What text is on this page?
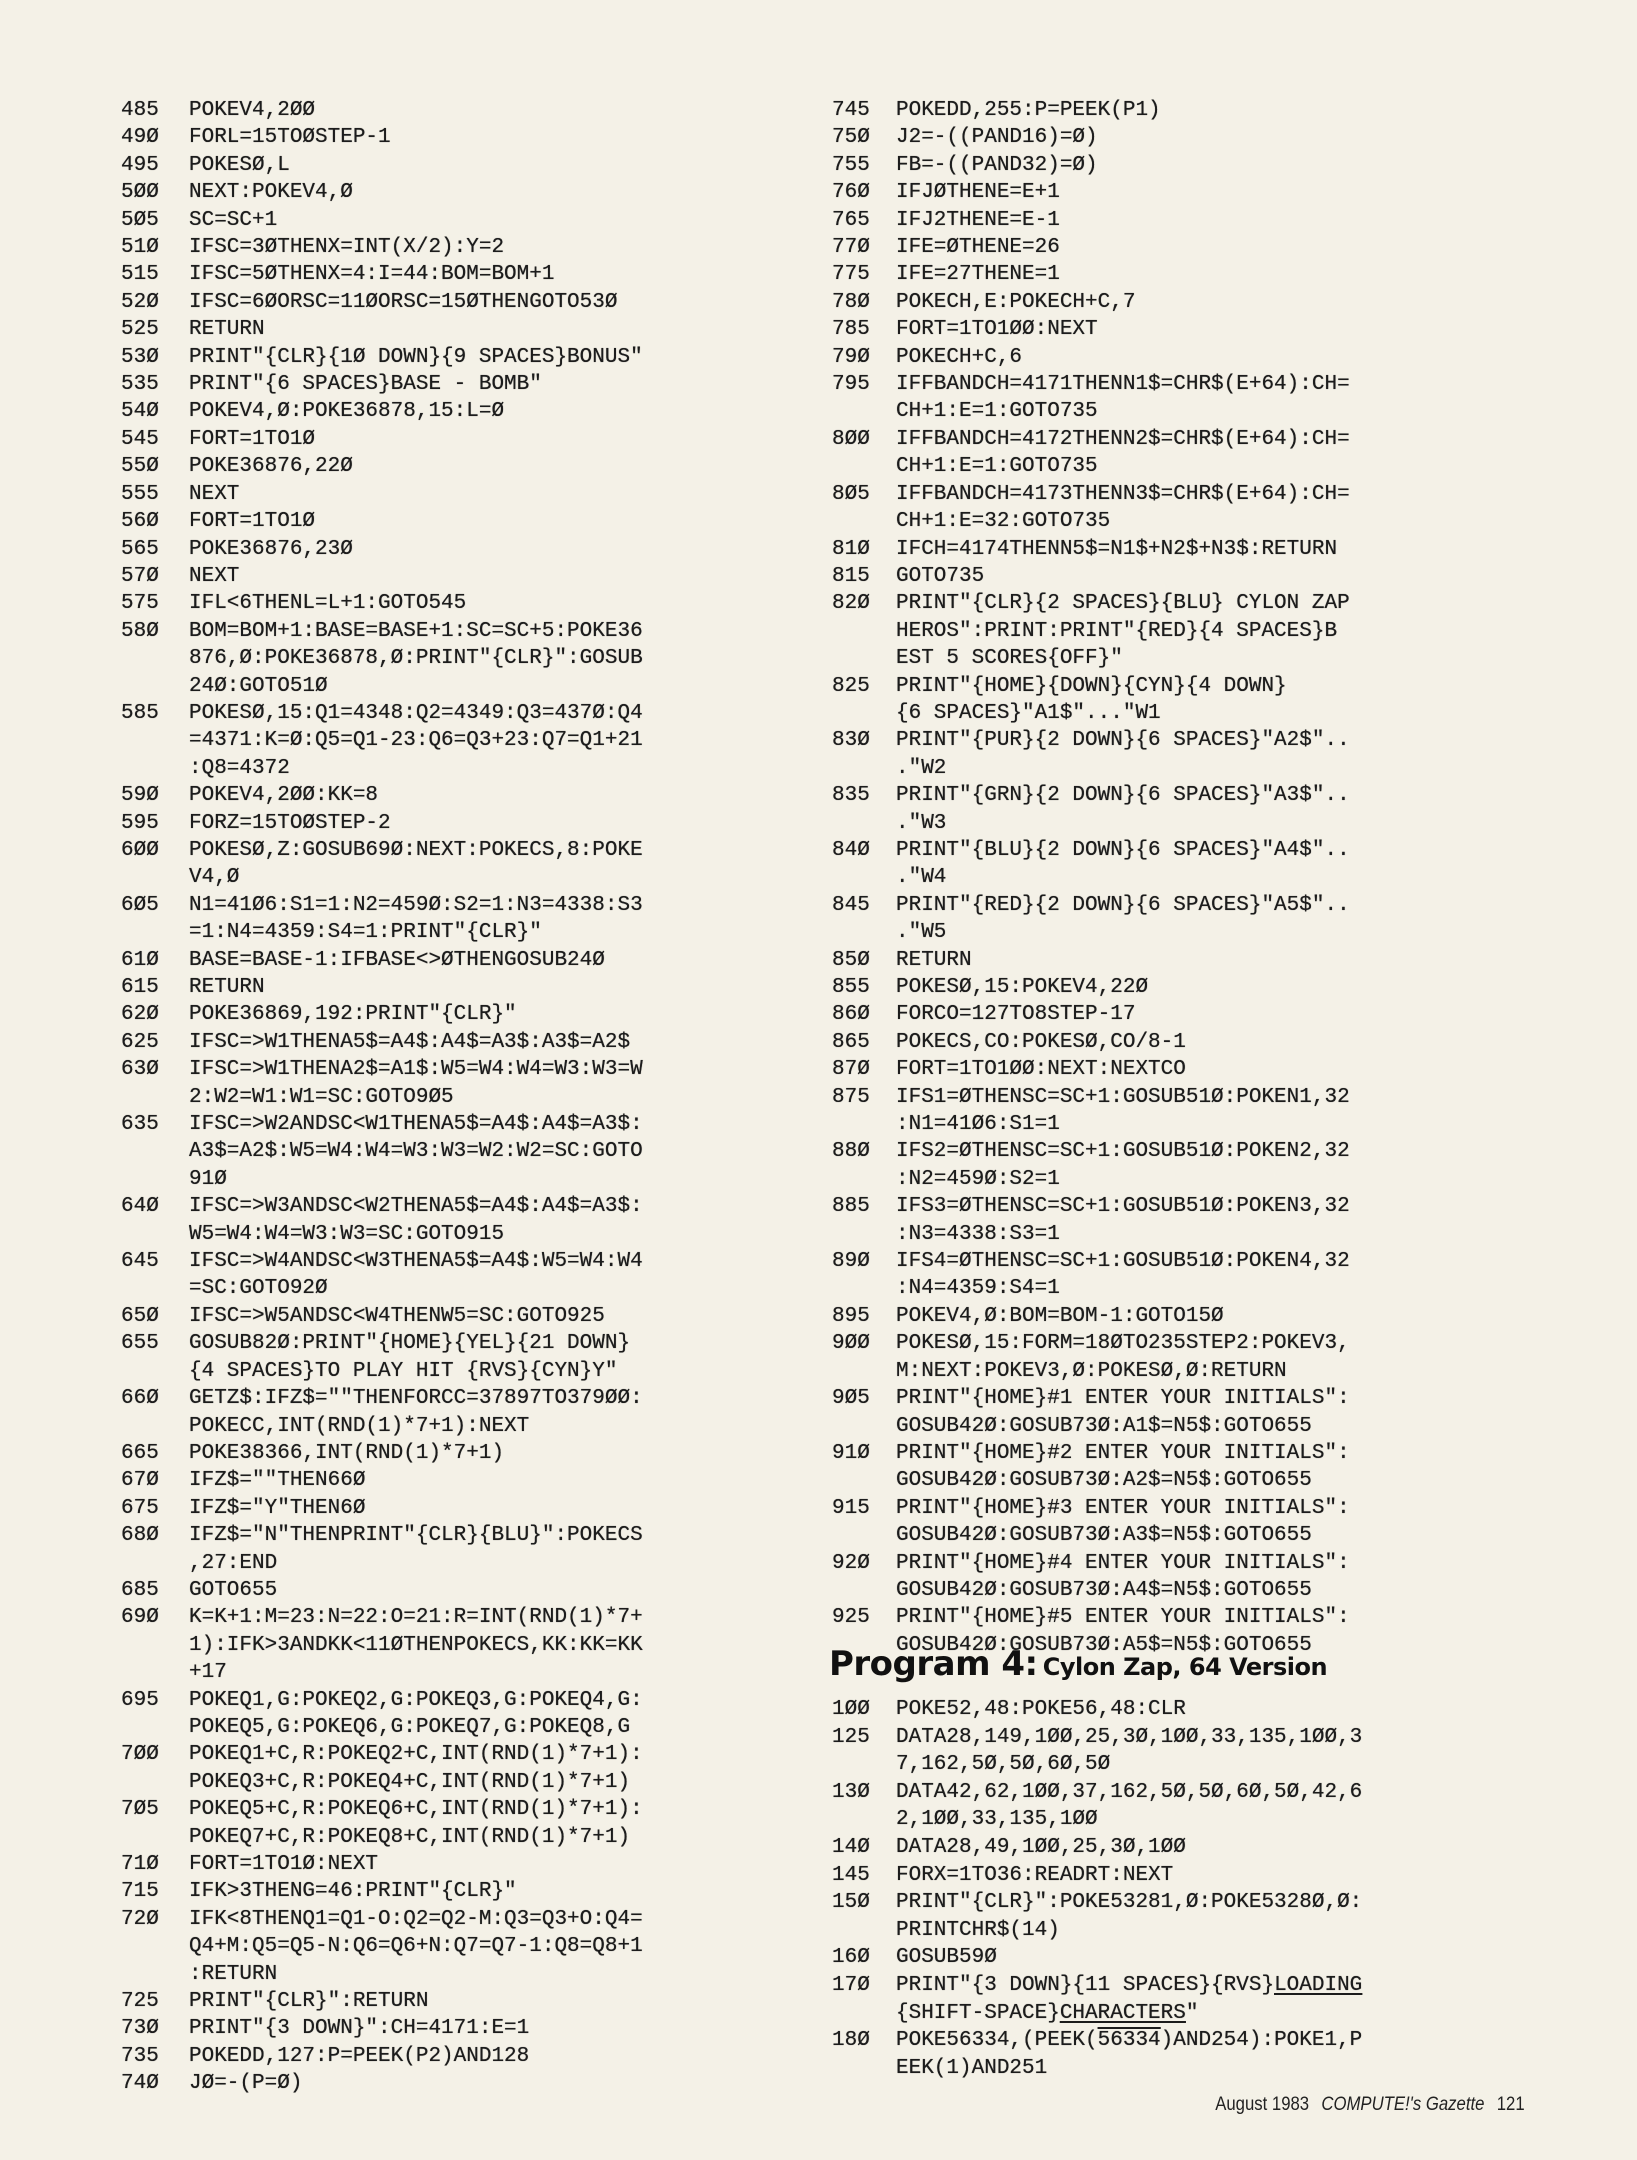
485	POKEV4,2ØØ
49Ø	FORL=15TOØSTEP-1
495	POKESØ,L
5ØØ	NEXT:POKEV4,Ø
5Ø5	SC=SC+1
51Ø	IFSC=3ØTHENX=INT(X/2):Y=2
515	IFSC=5ØTHENX=4:I=44:BOM=BOM+1
52Ø	IFSC=6ØORSC=11ØORSC=15ØTHENGOTO53Ø
525	RETURN
53Ø	PRINT"{CLR}{1Ø DOWN}{9 SPACES}BONUS"
535	PRINT"{6 SPACES}BASE - BOMB"
54Ø	POKEV4,Ø:POKE36878,15:L=Ø
545	FORT=1TO1Ø
55Ø	POKE36876,22Ø
555	NEXT
56Ø	FORT=1TO1Ø
565	POKE36876,23Ø
57Ø	NEXT
575	IFL<6THENL=L+1:GOTO545
58Ø	BOM=BOM+1:BASE=BASE+1:SC=SC+5:POKE36
876,Ø:POKE36878,Ø:PRINT"{CLR}":GOSUB
24Ø:GOTO51Ø
585	POKESØ,15:Q1=4348:Q2=4349:Q3=437Ø:Q4
=4371:K=Ø:Q5=Q1-23:Q6=Q3+23:Q7=Q1+21
:Q8=4372
59Ø	POKEV4,2ØØ:KK=8
595	FORZ=15TOØSTEP-2
6ØØ	POKESØ,Z:GOSUB69Ø:NEXT:POKECS,8:POKE
V4,Ø
6Ø5	N1=41Ø6:S1=1:N2=459Ø:S2=1:N3=4338:S3
=1:N4=4359:S4=1:PRINT"{CLR}"
61Ø	BASE=BASE-1:IFBASE<>ØTHENGOSUB24Ø
615	RETURN
62Ø	POKE36869,192:PRINT"{CLR}"
625	IFSC=>W1THENA5$=A4$:A4$=A3$:A3$=A2$
63Ø	IFSC=>W1THENA2$=A1$:W5=W4:W4=W3:W3=W
2:W2=W1:W1=SC:GOTO9Ø5
635	IFSC=>W2ANDSC<W1THENA5$=A4$:A4$=A3$:
A3$=A2$:W5=W4:W4=W3:W3=W2:W2=SC:GOTO
91Ø
64Ø	IFSC=>W3ANDSC<W2THENA5$=A4$:A4$=A3$:
W5=W4:W4=W3:W3=SC:GOTO915
645	IFSC=>W4ANDSC<W3THENA5$=A4$:W5=W4:W4
=SC:GOTO92Ø
65Ø	IFSC=>W5ANDSC<W4THENW5=SC:GOTO925
655	GOSUB82Ø:PRINT"{HOME}{YEL}{21 DOWN}
{4 SPACES}TO PLAY HIT {RVS}{CYN}Y"
66Ø	GETZ$:IFZ$=""THENFORCC=37897TO379ØØ:
POKECC,INT(RND(1)*7+1):NEXT
665	POKE38366,INT(RND(1)*7+1)
67Ø	IFZ$=""THEN66Ø
675	IFZ$="Y"THEN6Ø
68Ø	IFZ$="N"THENPRINT"{CLR}{BLU}":POKECS
,27:END
685	GOTO655
69Ø	K=K+1:M=23:N=22:O=21:R=INT(RND(1)*7+
1):IFK>3ANDKK<11ØTHENPOKECS,KK:KK=KK
+17
695	POKEQ1,G:POKEQ2,G:POKEQ3,G:POKEQ4,G:
POKEQ5,G:POKEQ6,G:POKEQ7,G:POKEQ8,G
7ØØ	POKEQ1+C,R:POKEQ2+C,INT(RND(1)*7+1):
POKEQ3+C,R:POKEQ4+C,INT(RND(1)*7+1)
7Ø5	POKEQ5+C,R:POKEQ6+C,INT(RND(1)*7+1):
POKEQ7+C,R:POKEQ8+C,INT(RND(1)*7+1)
71Ø	FORT=1TO1Ø:NEXT
715	IFK>3THENG=46:PRINT"{CLR}"
72Ø	IFK<8THENQ1=Q1-O:Q2=Q2-M:Q3=Q3+O:Q4=
Q4+M:Q5=Q5-N:Q6=Q6+N:Q7=Q7-1:Q8=Q8+1
:RETURN
725	PRINT"{CLR}":RETURN
73Ø	PRINT"{3 DOWN}":CH=4171:E=1
735	POKEDD,127:P=PEEK(P2)AND128
74Ø	JØ=-(P=Ø)
745	POKEDD,255:P=PEEK(P1)
75Ø	J2=-((PAND16)=Ø)
755	FB=-((PAND32)=Ø)
76Ø	IFJØTHENE=E+1
765	IFJ2THENE=E-1
77Ø	IFE=ØTHENE=26
775	IFE=27THENE=1
78Ø	POKECH,E:POKECH+C,7
785	FORT=1TO1ØØ:NEXT
79Ø	POKECH+C,6
795	IFFBANDCH=4171THENN1$=CHR$(E+64):CH=
CH+1:E=1:GOTO735
8ØØ	IFFBANDCH=4172THENN2$=CHR$(E+64):CH=
CH+1:E=1:GOTO735
8Ø5	IFFBANDCH=4173THENN3$=CHR$(E+64):CH=
CH+1:E=32:GOTO735
81Ø	IFCH=4174THENN5$=N1$+N2$+N3$:RETURN
815	GOTO735
82Ø	PRINT"{CLR}{2 SPACES}{BLU} CYLON ZAP
HEROS":PRINT:PRINT"{RED}{4 SPACES}B
EST 5 SCORES{OFF}"
825	PRINT"{HOME}{DOWN}{CYN}{4 DOWN}
{6 SPACES}"A1$"..."W1
83Ø	PRINT"{PUR}{2 DOWN}{6 SPACES}"A2$"..
."W2
835	PRINT"{GRN}{2 DOWN}{6 SPACES}"A3$"..
."W3
84Ø	PRINT"{BLU}{2 DOWN}{6 SPACES}"A4$"..
."W4
845	PRINT"{RED}{2 DOWN}{6 SPACES}"A5$"..
."W5
85Ø	RETURN
855	POKESØ,15:POKEV4,22Ø
86Ø	FORCO=127TO8STEP-17
865	POKECS,CO:POKESØ,CO/8-1
87Ø	FORT=1TO1ØØ:NEXT:NEXTCO
875	IFS1=ØTHENSC=SC+1:GOSUB51Ø:POKEN1,32
:N1=41Ø6:S1=1
88Ø	IFS2=ØTHENSC=SC+1:GOSUB51Ø:POKEN2,32
:N2=459Ø:S2=1
885	IFS3=ØTHENSC=SC+1:GOSUB51Ø:POKEN3,32
:N3=4338:S3=1
89Ø	IFS4=ØTHENSC=SC+1:GOSUB51Ø:POKEN4,32
:N4=4359:S4=1
895	POKEV4,Ø:BOM=BOM-1:GOTO15Ø
9ØØ	POKESØ,15:FORM=18ØTO235STEP2:POKEV3,
M:NEXT:POKEV3,Ø:POKESØ,Ø:RETURN
9Ø5	PRINT"{HOME}#1 ENTER YOUR INITIALS":
GOSUB42Ø:GOSUB73Ø:A1$=N5$:GOTO655
91Ø	PRINT"{HOME}#2 ENTER YOUR INITIALS":
GOSUB42Ø:GOSUB73Ø:A2$=N5$:GOTO655
915	PRINT"{HOME}#3 ENTER YOUR INITIALS":
GOSUB42Ø:GOSUB73Ø:A3$=N5$:GOTO655
92Ø	PRINT"{HOME}#4 ENTER YOUR INITIALS":
GOSUB42Ø:GOSUB73Ø:A4$=N5$:GOTO655
925	PRINT"{HOME}#5 ENTER YOUR INITIALS":
GOSUB42Ø:GOSUB73Ø:A5$=N5$:GOTO655
Program 4: Cylon Zap, 64 Version
1ØØ	POKE52,48:POKE56,48:CLR
125	DATA28,149,1ØØ,25,3Ø,1ØØ,33,135,1ØØ,3
7,162,5Ø,5Ø,6Ø,5Ø
13Ø	DATA42,62,1ØØ,37,162,5Ø,5Ø,6Ø,5Ø,42,6
2,1ØØ,33,135,1ØØ
14Ø	DATA28,49,1ØØ,25,3Ø,1ØØ
145	FORX=1TO36:READRT:NEXT
15Ø	PRINT"{CLR}":POKE53281,Ø:POKE5328Ø,Ø:
PRINTCHR$(14)
16Ø	GOSUB59Ø
17Ø	PRINT"{3 DOWN}{11 SPACES}{RVS}LOADING
{SHIFT-SPACE}CHARACTERS"
18Ø	POKE56334,(PEEK(56334)AND254):POKE1,P
EEK(1)AND251
August 1983 COMPUTE!'s Gazette 121
